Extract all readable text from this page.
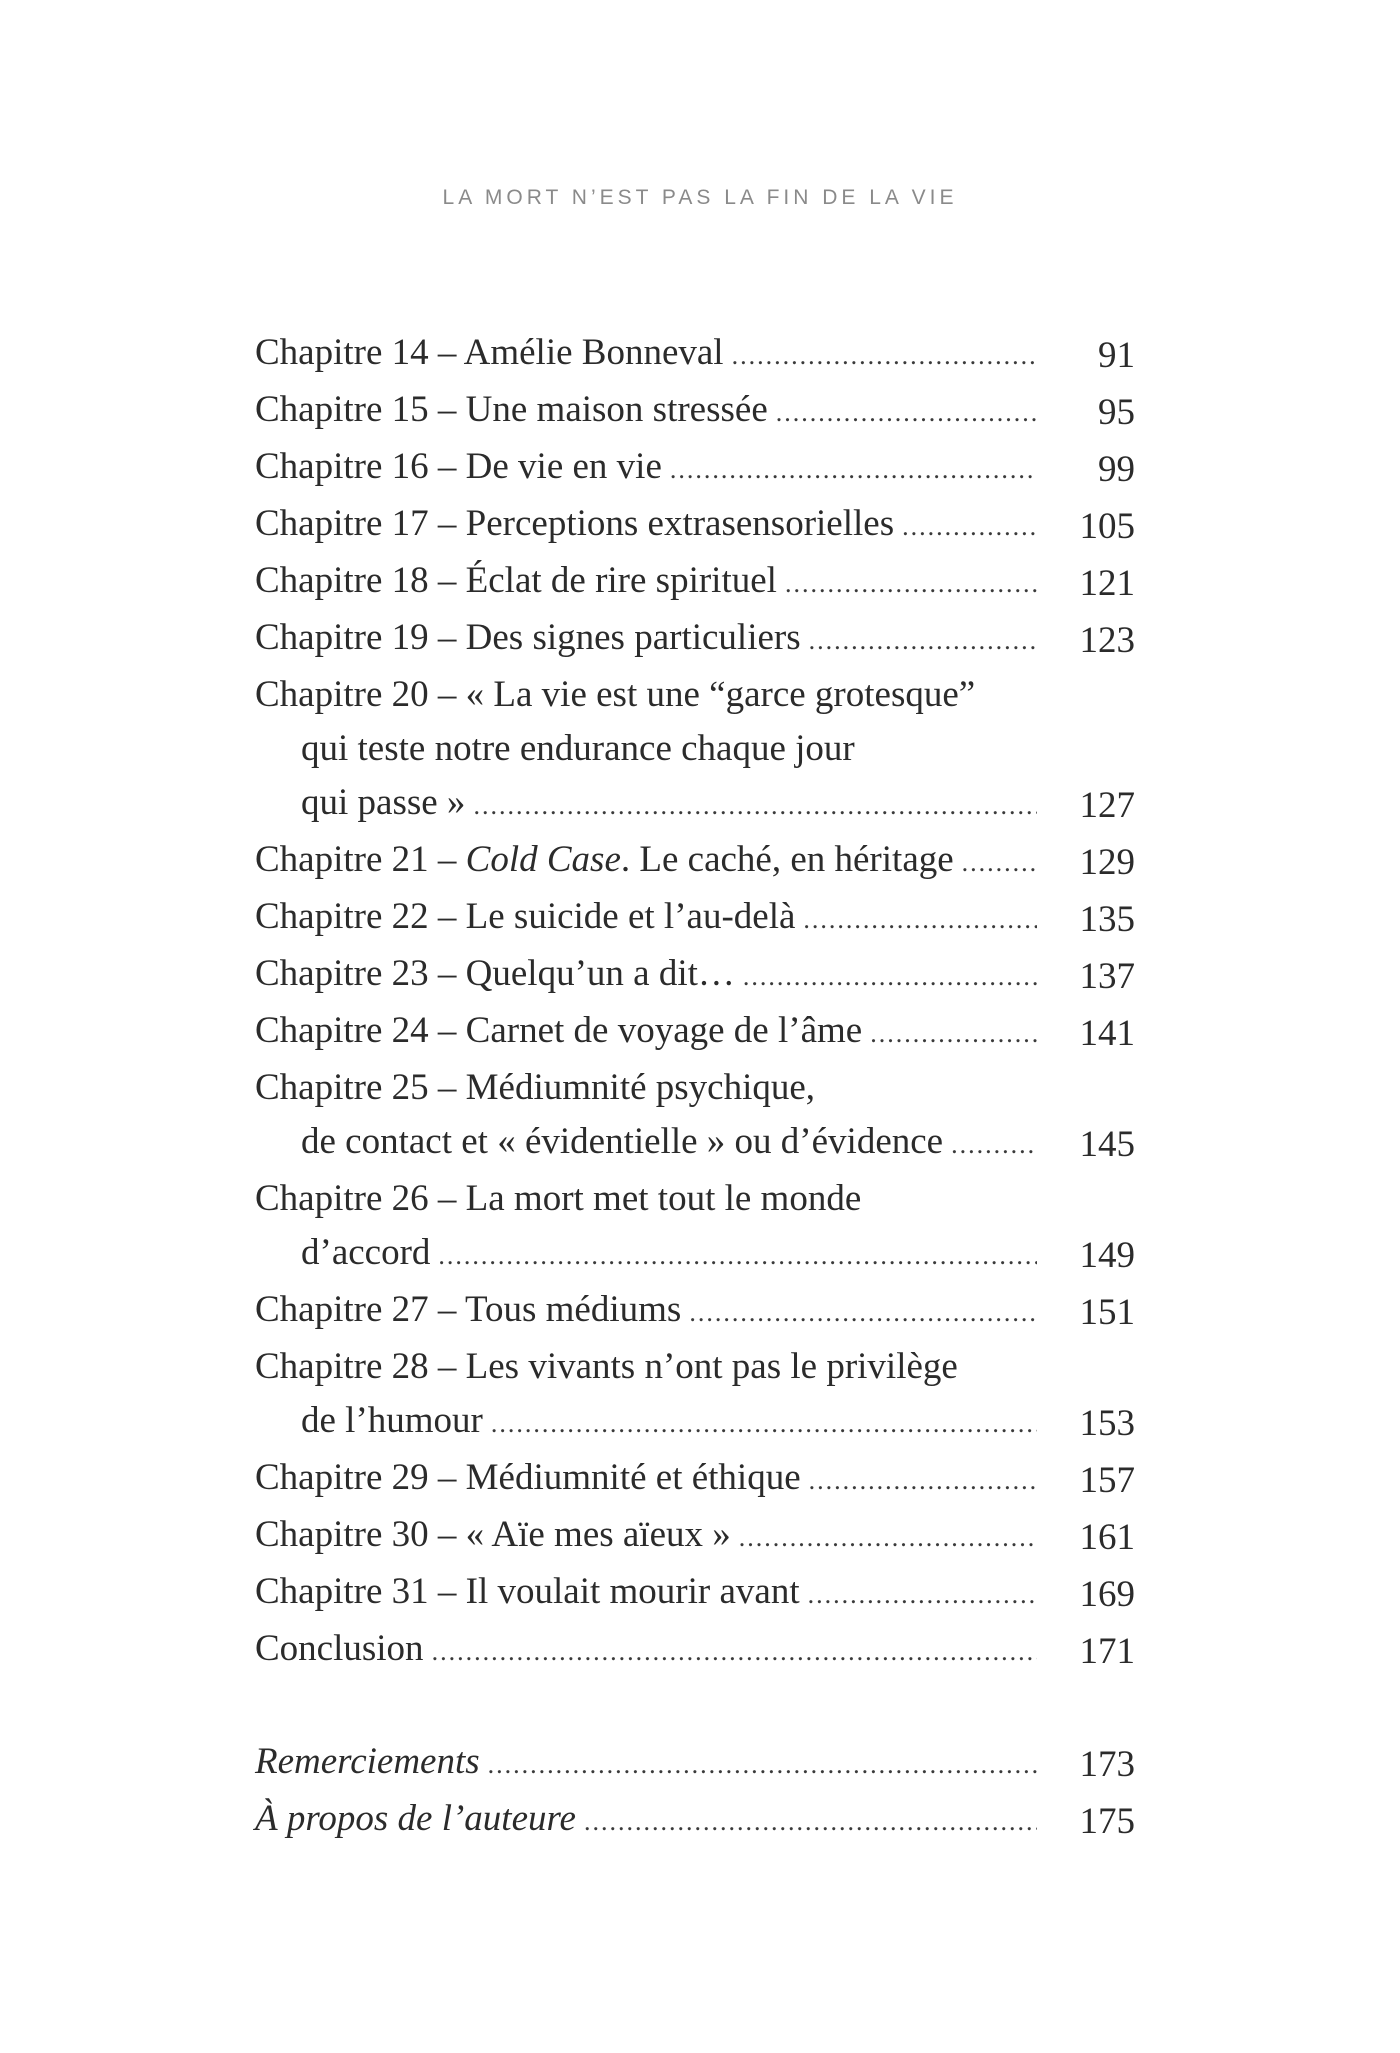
LA MORT N’EST PAS LA FIN DE LA VIE
Chapitre 14 – Amélie Bonneval .....	91
Chapitre 15 – Une maison stressée .....	95
Chapitre 16 – De vie en vie .....	99
Chapitre 17 – Perceptions extrasensorielles .....	105
Chapitre 18 – Éclat de rire spirituel .....	121
Chapitre 19 – Des signes particuliers .....	123
Chapitre 20 – « La vie est une “garce grotesque”
qui teste notre endurance chaque jour
qui passe » .....	127
Chapitre 21 – Cold Case. Le caché, en héritage .....	129
Chapitre 22 – Le suicide et l’au-delà .....	135
Chapitre 23 – Quelqu’un a dit… .....	137
Chapitre 24 – Carnet de voyage de l’âme .....	141
Chapitre 25 – Médiumnité psychique,
de contact et « évidentielle » ou d’évidence .....	145
Chapitre 26 – La mort met tout le monde
d’accord .....	149
Chapitre 27 – Tous médiums .....	151
Chapitre 28 – Les vivants n’ont pas le privilège
de l’humour .....	153
Chapitre 29 – Médiumnité et éthique .....	157
Chapitre 30 – « Aïe mes aïeux » .....	161
Chapitre 31 – Il voulait mourir avant .....	169
Conclusion .....	171
Remerciements .....	173
À propos de l’auteure .....	175
